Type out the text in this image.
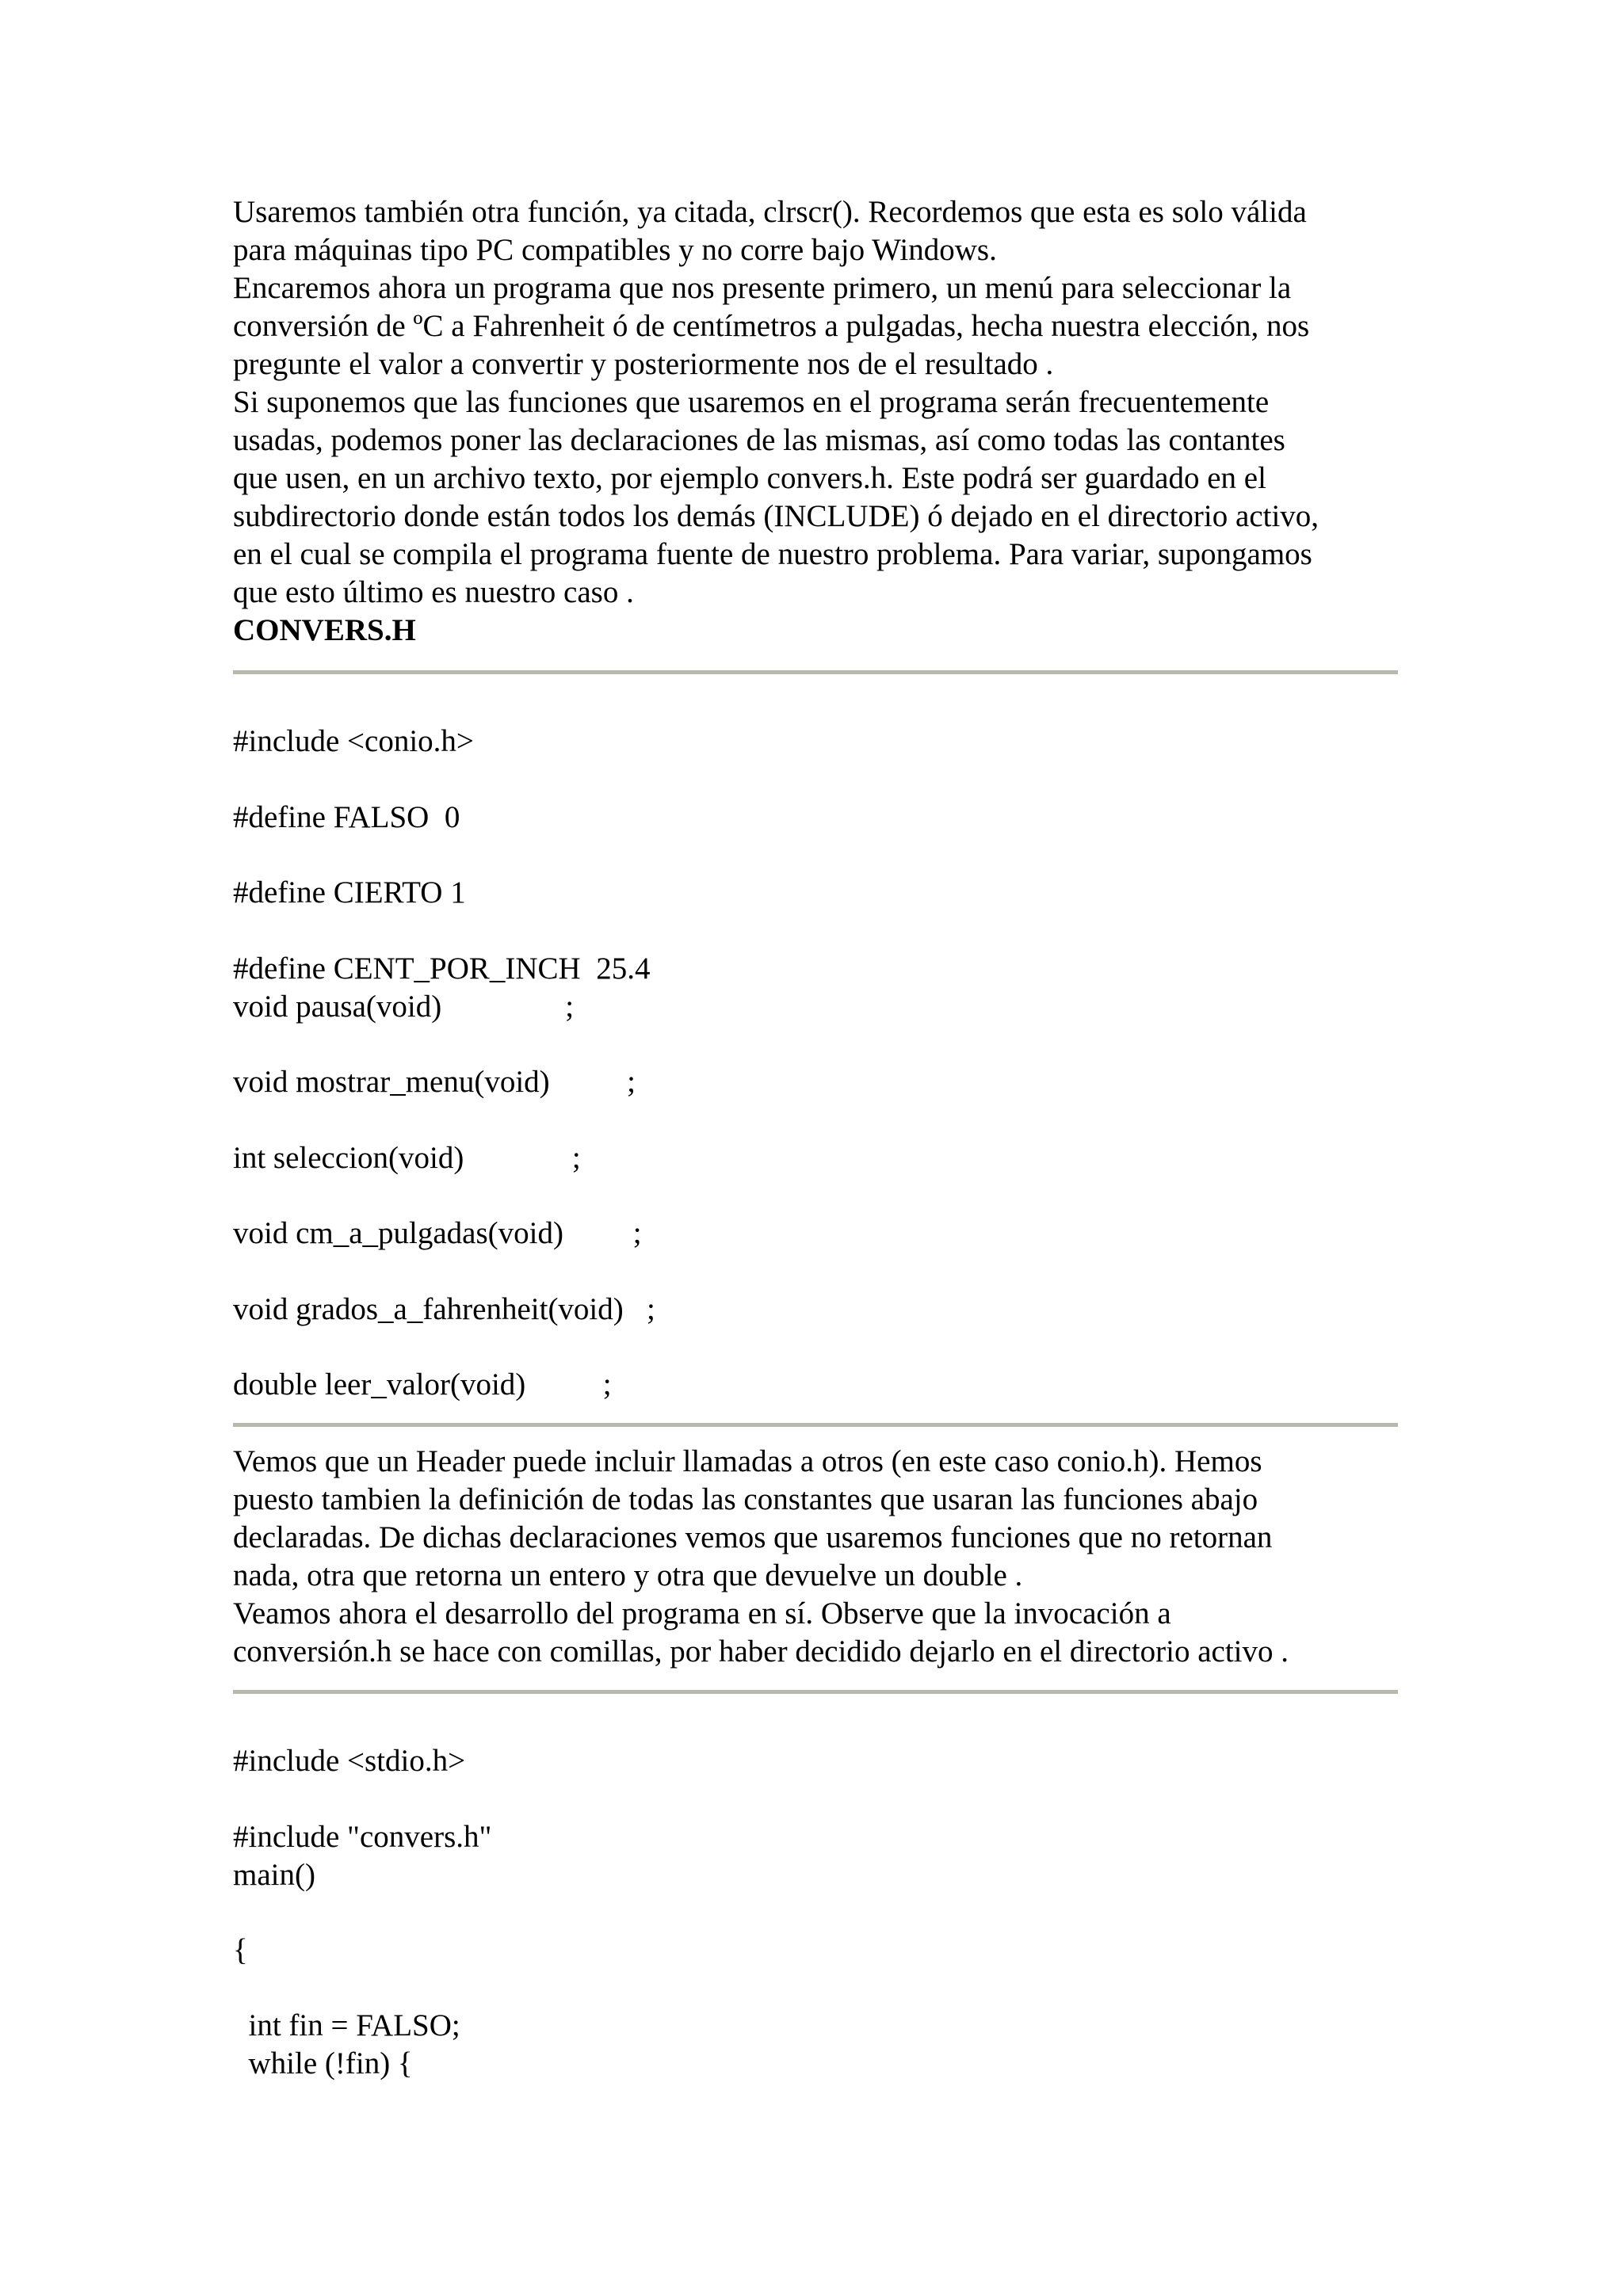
Usaremos también otra función, ya citada, clrscr(). Recordemos que esta es solo válida
para máquinas tipo PC compatibles y no corre bajo Windows.

Encaremos ahora un programa que nos presente primero, un menú para seleccionar la
conversión de ºC a Fahrenheit ó de centímetros a pulgadas, hecha nuestra elección, nos
pregunte el valor a convertir y posteriormente nos de el resultado .

Si suponemos que las funciones que usaremos en el programa serán frecuentemente
usadas, podemos poner las declaraciones de las mismas, así como todas las contantes
que usen, en un archivo texto, por ejemplo convers.h. Este podrá ser guardado en el
subdirectorio donde están todos los demás (INCLUDE) ó dejado en el directorio activo,
en el cual se compila el programa fuente de nuestro problema. Para variar, supongamos
que esto último es nuestro caso .

CONVERS.H

#include <conio.h>

#define FALSO  0

#define CIERTO 1

#define CENT_POR_INCH  25.4

void pausa(void)                ;

void mostrar_menu(void)          ;

int seleccion(void)              ;

void cm_a_pulgadas(void)         ;

void grados_a_fahrenheit(void)   ;

double leer_valor(void)          ;

Vemos que un Header puede incluir llamadas a otros (en este caso conio.h). Hemos
puesto tambien la definición de todas las constantes que usaran las funciones abajo
declaradas. De dichas declaraciones vemos que usaremos funciones que no retornan
nada, otra que retorna un entero y otra que devuelve un double .

Veamos ahora el desarrollo del programa en sí. Observe que la invocación a
conversión.h se hace con comillas, por haber decidido dejarlo en el directorio activo .

#include <stdio.h>

#include "convers.h"

main()

{

int fin = FALSO;

while (!fin) {
